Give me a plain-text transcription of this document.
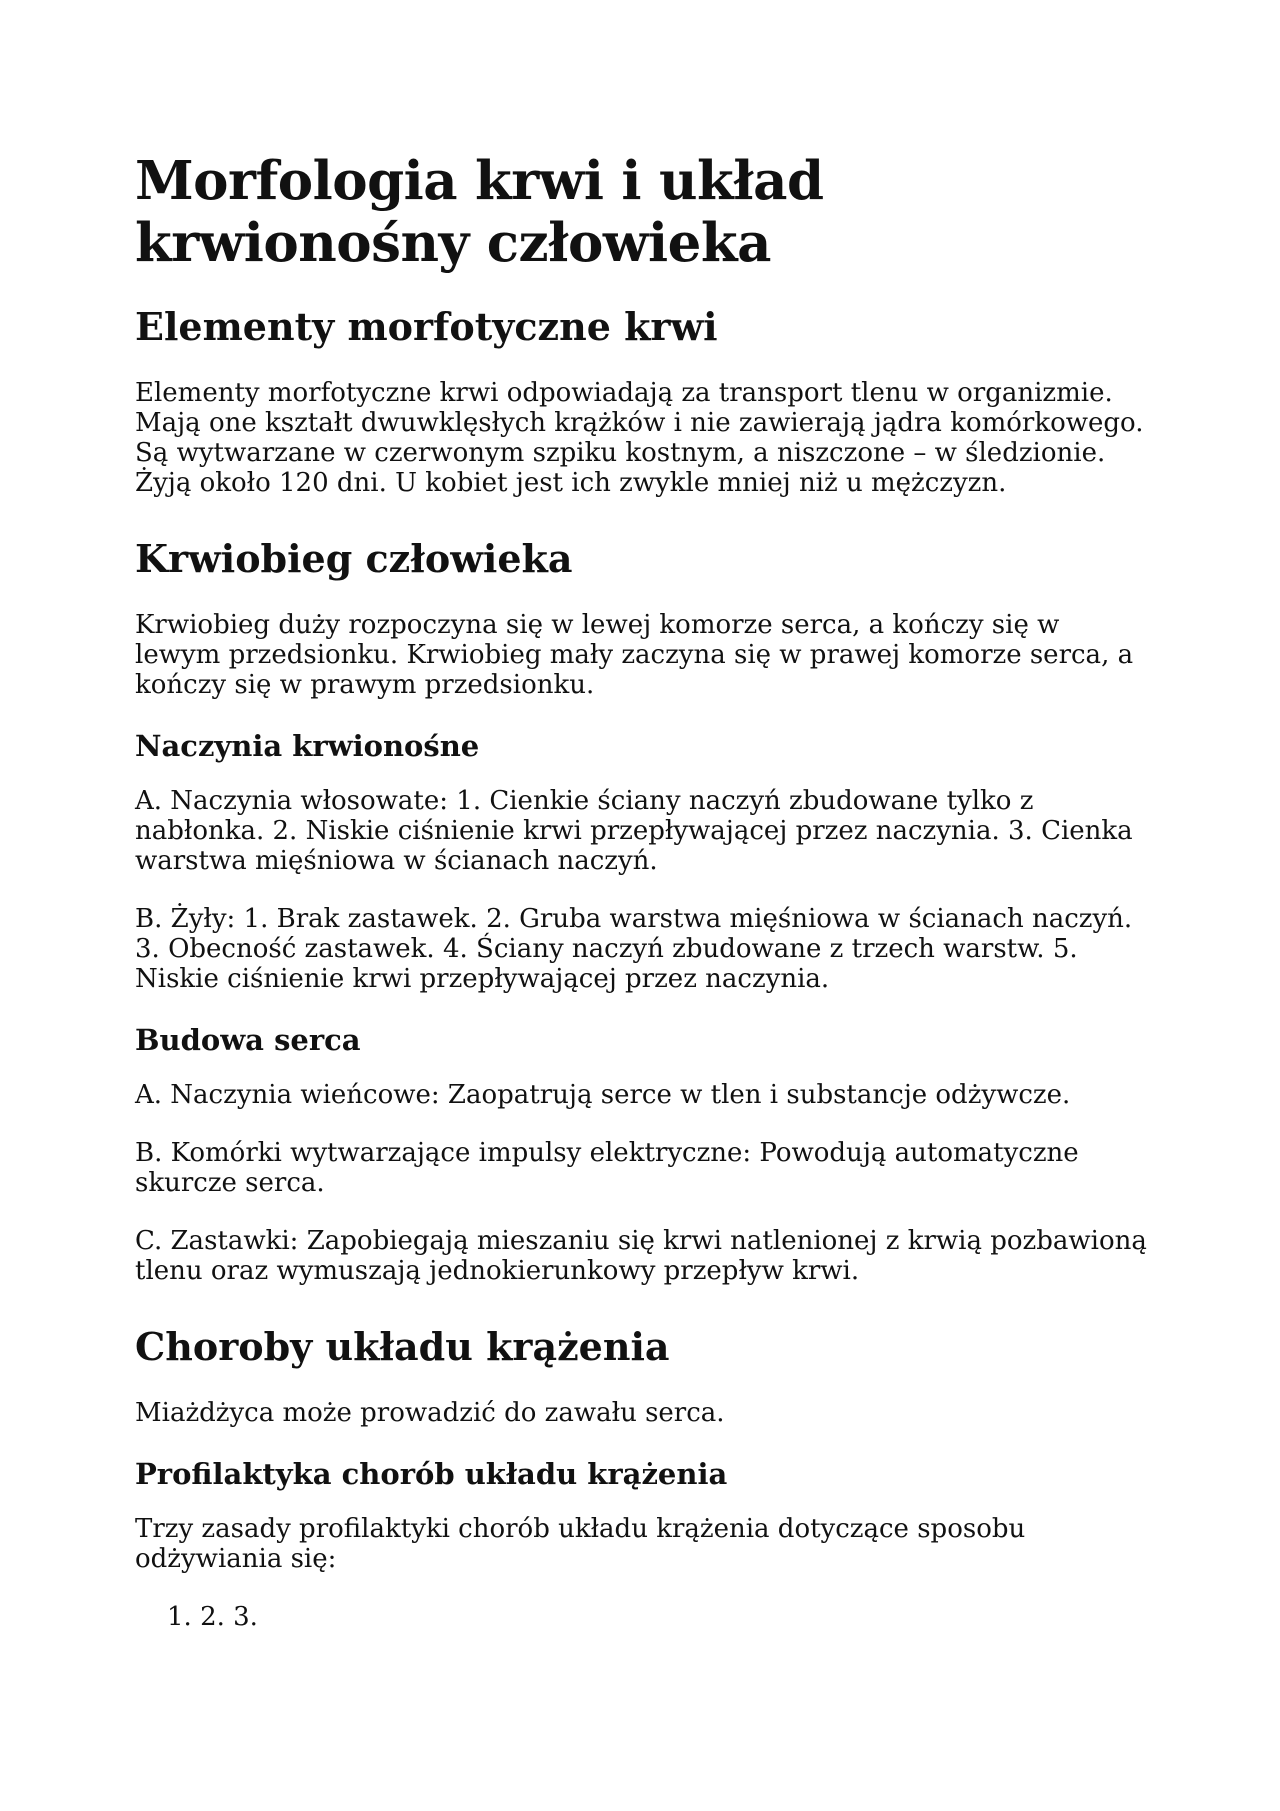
Morfologia krwi i układ
krwionośny człowieka
Elementy morfotyczne krwi

Elementy morfotyczne krwi odpowiadają za transport tlenu w organizmie. Mają one kształt dwuwklęsłych krążków i nie zawierają jądra komórkowego. Są wytwarzane w czerwonym szpiku kostnym, a niszczone – w śledzionie. Żyją około 120 dni. U kobiet jest ich zwykle mniej niż u mężczyzn.

Krwiobieg człowieka

Krwiobieg duży rozpoczyna się w lewej komorze serca, a kończy się w lewym przedsionku. Krwiobieg mały zaczyna się w prawej komorze serca, a kończy się w prawym przedsionku.

Naczynia krwionośne

A. Naczynia włosowate: 1. Cienkie ściany naczyń zbudowane tylko z nabłonka. 2. Niskie ciśnienie krwi przepływającej przez naczynia. 3. Cienka warstwa mięśniowa w ścianach naczyń.

B. Żyły: 1. Brak zastawek. 2. Gruba warstwa mięśniowa w ścianach naczyń. 3. Obecność zastawek. 4. Ściany naczyń zbudowane z trzech warstw. 5. Niskie ciśnienie krwi przepływającej przez naczynia.

Budowa serca

A. Naczynia wieńcowe: Zaopatrują serce w tlen i substancje odżywcze.

B. Komórki wytwarzające impulsy elektryczne: Powodują automatyczne skurcze serca.

C. Zastawki: Zapobiegają mieszaniu się krwi natlenionej z krwią pozbawioną tlenu oraz wymuszają jednokierunkowy przepływ krwi.

Choroby układu krążenia

Miażdżyca może prowadzić do zawału serca.

Profilaktyka chorób układu krążenia

Trzy zasady profilaktyki chorób układu krążenia dotyczące sposobu odżywiania się:

1. 2. 3.
